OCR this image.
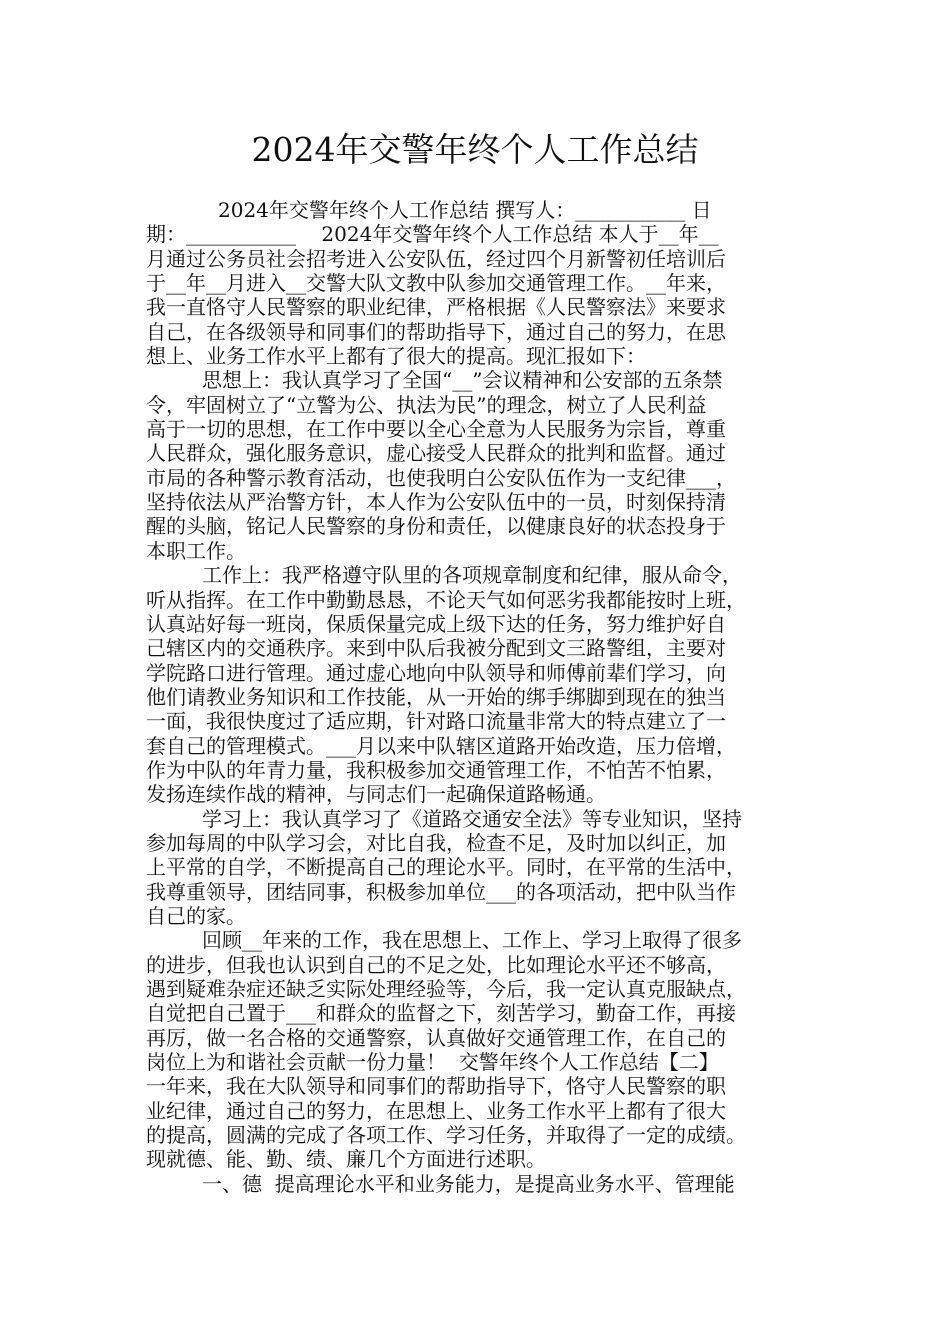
2024年交警年终个人工作总结
2024年交警年终个人工作总结 撰写人：___________ 日
期：___________    2024年交警年终个人工作总结 本人于__年__
月通过公务员社会招考进入公安队伍，经过四个月新警初任培训后
于__年__月进入__交警大队文教中队参加交通管理工作。__年来，
我一直恪守人民警察的职业纪律，严格根据《人民警察法》来要求
自己，在各级领导和同事们的帮助指导下，通过自己的努力，在思
想上、业务工作水平上都有了很大的提高。现汇报如下：
思想上：我认真学习了全国“__”会议精神和公安部的五条禁
令，牢固树立了“立警为公、执法为民”的理念，树立了人民利益
高于一切的思想，在工作中要以全心全意为人民服务为宗旨，尊重
人民群众，强化服务意识，虚心接受人民群众的批判和监督。通过
市局的各种警示教育活动，也使我明白公安队伍作为一支纪律___，
坚持依法从严治警方针，本人作为公安队伍中的一员，时刻保持清
醒的头脑，铭记人民警察的身份和责任，以健康良好的状态投身于
本职工作。
工作上：我严格遵守队里的各项规章制度和纪律，服从命令，
听从指挥。在工作中勤勤恳恳，不论天气如何恶劣我都能按时上班，
认真站好每一班岗，保质保量完成上级下达的任务，努力维护好自
己辖区内的交通秩序。来到中队后我被分配到文三路警组，主要对
学院路口进行管理。通过虚心地向中队领导和师傅前辈们学习，向
他们请教业务知识和工作技能，从一开始的绑手绑脚到现在的独当
一面，我很快度过了适应期，针对路口流量非常大的特点建立了一
套自己的管理模式。___月以来中队辖区道路开始改造，压力倍增，
作为中队的年青力量，我积极参加交通管理工作，不怕苦不怕累，
发扬连续作战的精神，与同志们一起确保道路畅通。
学习上：我认真学习了《道路交通安全法》等专业知识，坚持
参加每周的中队学习会，对比自我，检查不足，及时加以纠正，加
上平常的自学，不断提高自己的理论水平。同时，在平常的生活中，
我尊重领导，团结同事，积极参加单位___的各项活动，把中队当作
自己的家。
回顾__年来的工作，我在思想上、工作上、学习上取得了很多
的进步，但我也认识到自己的不足之处，比如理论水平还不够高，
遇到疑难杂症还缺乏实际处理经验等，今后，我一定认真克服缺点，
自觉把自己置于___和群众的监督之下，刻苦学习，勤奋工作，再接
再厉，做一名合格的交通警察，认真做好交通管理工作，在自己的
岗位上为和谐社会贡献一份力量！  交警年终个人工作总结【二】
一年来，我在大队领导和同事们的帮助指导下，恪守人民警察的职
业纪律，通过自己的努力，在思想上、业务工作水平上都有了很大
的提高，圆满的完成了各项工作、学习任务，并取得了一定的成绩。
现就德、能、勤、绩、廉几个方面进行述职。
一、德  提高理论水平和业务能力，是提高业务水平、管理能
